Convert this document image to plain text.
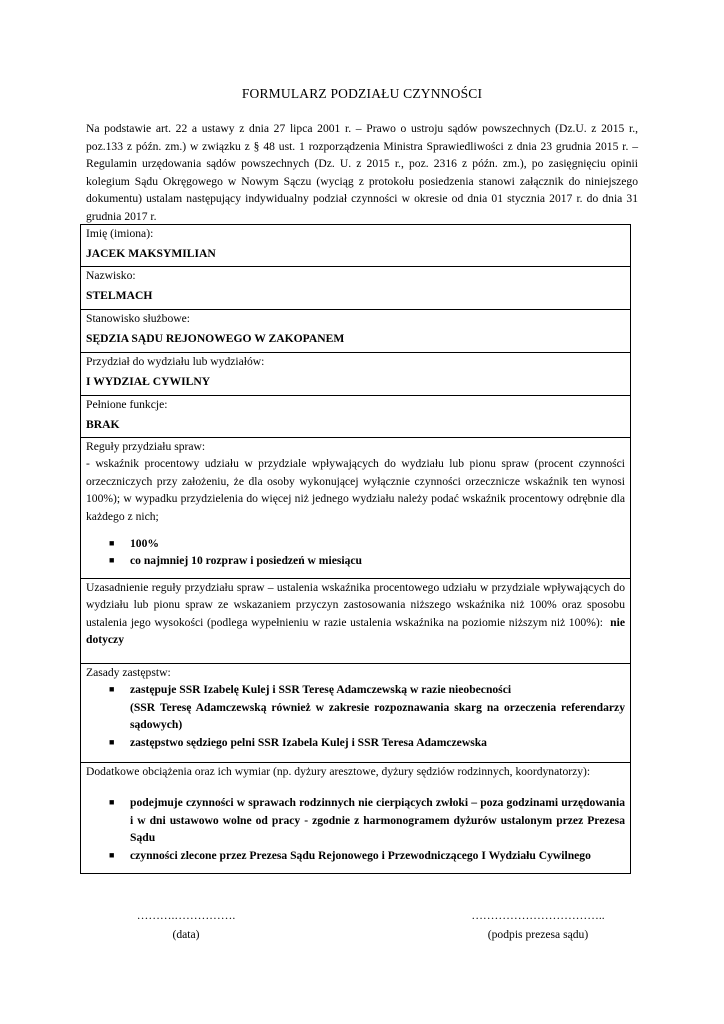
FORMULARZ PODZIAŁU CZYNNOŚCI
Na podstawie art. 22 a ustawy z dnia 27 lipca 2001 r. – Prawo o ustroju sądów powszechnych (Dz.U. z 2015 r., poz.133 z późn. zm.) w związku z § 48 ust. 1 rozporządzenia Ministra Sprawiedliwości z dnia 23 grudnia 2015 r. – Regulamin urzędowania sądów powszechnych (Dz. U. z 2015 r., poz. 2316 z późn. zm.), po zasięgnięciu opinii kolegium Sądu Okręgowego w Nowym Sączu (wyciąg z protokołu posiedzenia stanowi załącznik do niniejszego dokumentu) ustalam następujący indywidualny podział czynności w okresie od dnia 01 stycznia 2017 r. do dnia 31 grudnia 2017 r.
Imię (imiona):
JACEK MAKSYMILIAN

Nazwisko:
STELMACH

Stanowisko służbowe:
SĘDZIA SĄDU REJONOWEGO W ZAKOPANEM

Przydział do wydziału lub wydziałów:
I WYDZIAŁ CYWILNY

Pełnione funkcje:
BRAK

Reguły przydziału spraw:
- wskaźnik procentowy udziału w przydziale wpływających do wydziału lub pionu spraw (procent czynności orzeczniczych przy założeniu, że dla osoby wykonującej wyłącznie czynności orzecznicze wskaźnik ten wynosi 100%); w wypadku przydzielenia do więcej niż jednego wydziału należy podać wskaźnik procentowy odrębnie dla każdego z nich;
■ 100%
■ co najmniej 10 rozpraw i posiedzeń w miesiącu

Uzasadnienie reguły przydziału spraw – ustalenia wskaźnika procentowego udziału w przydziale wpływających do wydziału lub pionu spraw ze wskazaniem przyczyn zastosowania niższego wskaźnika niż 100% oraz sposobu ustalenia jego wysokości (podlega wypełnieniu w razie ustalenia wskaźnika na poziomie niższym niż 100%): nie dotyczy

Zasady zastępstw:
■ zastępuje SSR Izabelę Kulej i SSR Teresę Adamczewską w razie nieobecności
(SSR Teresę Adamczewską również w zakresie rozpoznawania skarg na orzeczenia referendarzy sądowych)
■ zastępstwo sędziego pelni SSR Izabela Kulej i SSR Teresa Adamczewska

Dodatkowe obciążenia oraz ich wymiar (np. dyżury aresztowe, dyżury sędziów rodzinnych, koordynatorzy):
■ podejmuje czynności w sprawach rodzinnych nie cierpiących zwłoki – poza godzinami urzędowania i w dni ustawowo wolne od pracy - zgodnie z harmonogramem dyżurów ustalonym przez Prezesa Sądu
■ czynności zlecone przez Prezesa Sądu Rejonowego i Przewodniczącego I Wydziału Cywilnego
……….…………….
(data)
……………………………..
(podpis prezesa sądu)
